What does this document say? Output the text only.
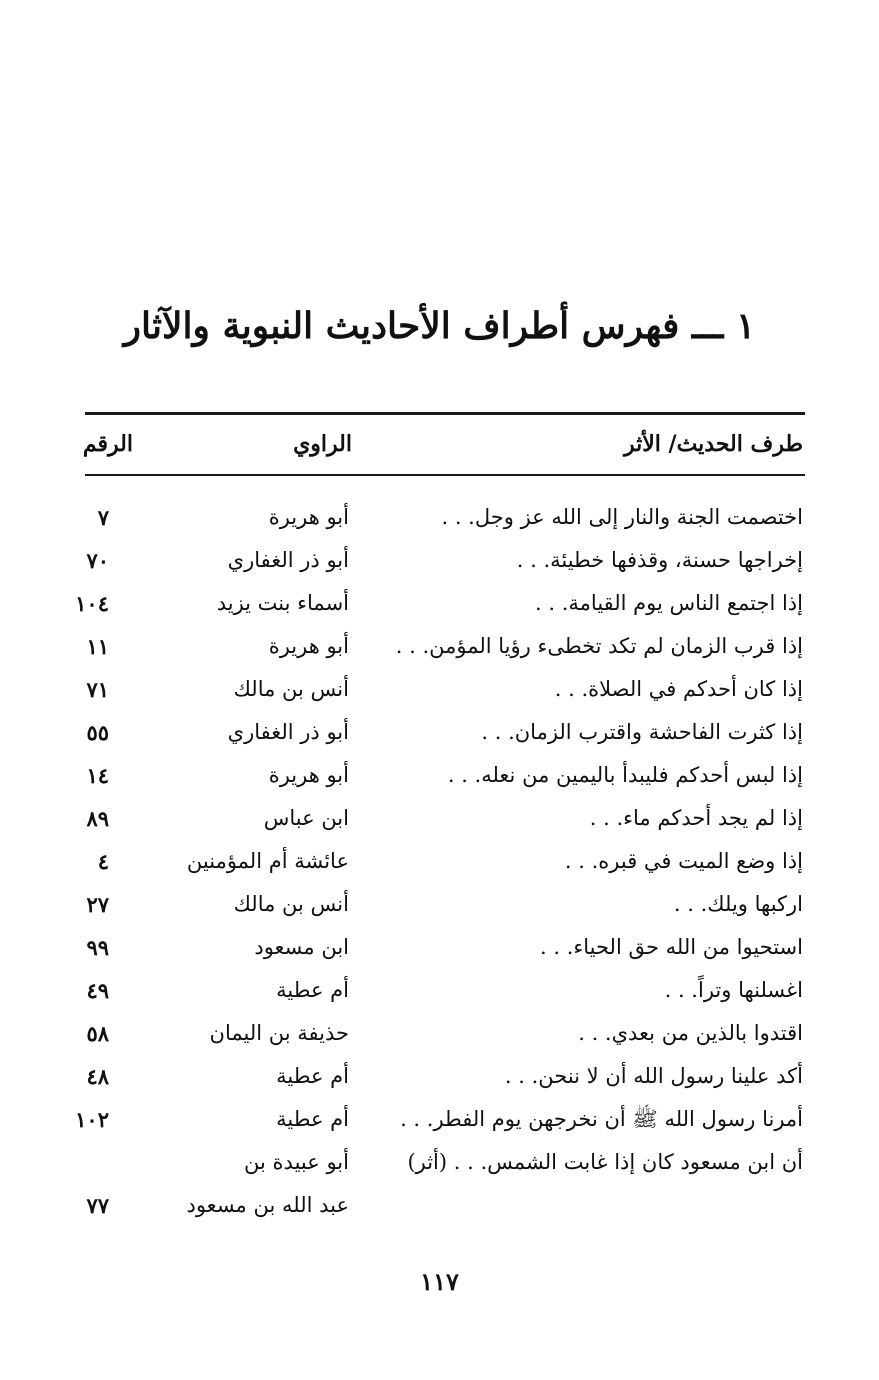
١ ـــ فهرس أطراف الأحاديث النبوية والآثار
طرف الحديث/ الأثر
الراوي
الرقم
اختصمت الجنة والنار إلى الله عز وجل. . .
أبو هريرة
٧
إخراجها حسنة، وقذفها خطيئة. . .
أبو ذر الغفاري
٧٠
إذا اجتمع الناس يوم القيامة. . .
أسماء بنت يزيد
١٠٤
إذا قرب الزمان لم تكد تخطىء رؤيا المؤمن. . .
أبو هريرة
١١
إذا كان أحدكم في الصلاة. . .
أنس بن مالك
٧١
إذا كثرت الفاحشة واقترب الزمان. . .
أبو ذر الغفاري
٥٥
إذا لبس أحدكم فليبدأ باليمين من نعله. . .
أبو هريرة
١٤
إذا لم يجد أحدكم ماء. . .
ابن عباس
٨٩
إذا وضع الميت في قبره. . .
عائشة أم المؤمنين
٤
اركبها ويلك. . .
أنس بن مالك
٢٧
استحيوا من الله حق الحياء. . .
ابن مسعود
٩٩
اغسلنها وتراً. . .
أم عطية
٤٩
اقتدوا بالذين من بعدي. . .
حذيفة بن اليمان
٥٨
أكد علينا رسول الله أن لا ننحن. . .
أم عطية
٤٨
أمرنا رسول الله ﷺ أن نخرجهن يوم الفطر. . .
أم عطية
١٠٢
أن ابن مسعود كان إذا غابت الشمس. . . (أثر)
أبو عبيدة بن
عبد الله بن مسعود
٧٧
١١٧
